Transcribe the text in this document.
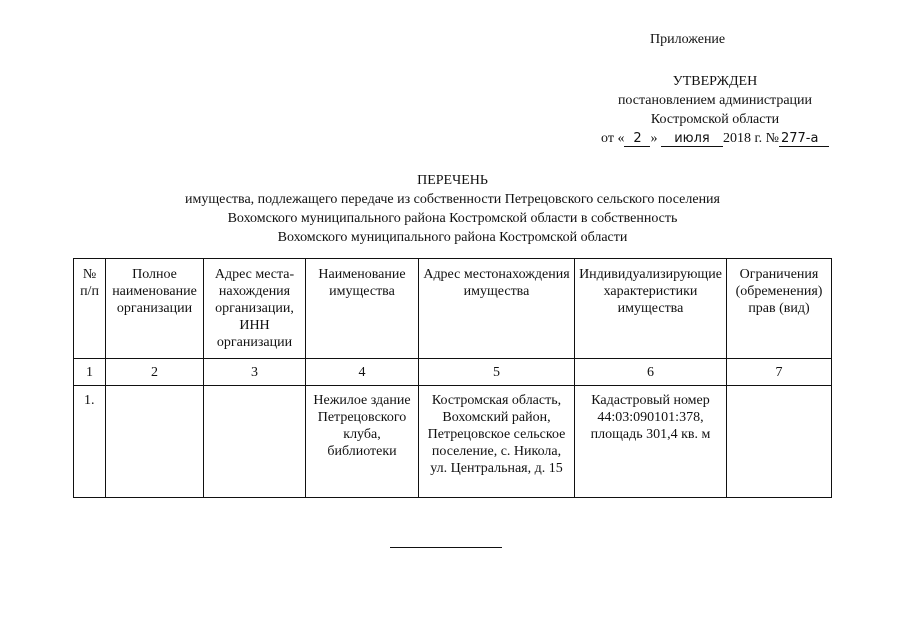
Приложение
УТВЕРЖДЕН
постановлением администрации
Костромской области
от « 2 » июля 2018 г. № 277-а
ПЕРЕЧЕНЬ
имущества, подлежащего передаче из собственности Петрецовского сельского поселения
Вохомского муниципального района Костромской области в собственность
Вохомского муниципального района Костромской области
№ п/п	Полное наименование организации	Адрес места-нахождения организации, ИНН организации	Наименование имущества	Адрес местонахождения имущества	Индивидуализирующие характеристики имущества	Ограничения (обременения) прав (вид)
1	2	3	4	5	6	7
1.			Нежилое здание Петрецовского клуба, библиотеки	Костромская область, Вохомский район, Петрецовское сельское поселение, с. Никола, ул. Центральная, д. 15	Кадастровый номер 44:03:090101:378, площадь 301,4 кв. м	
